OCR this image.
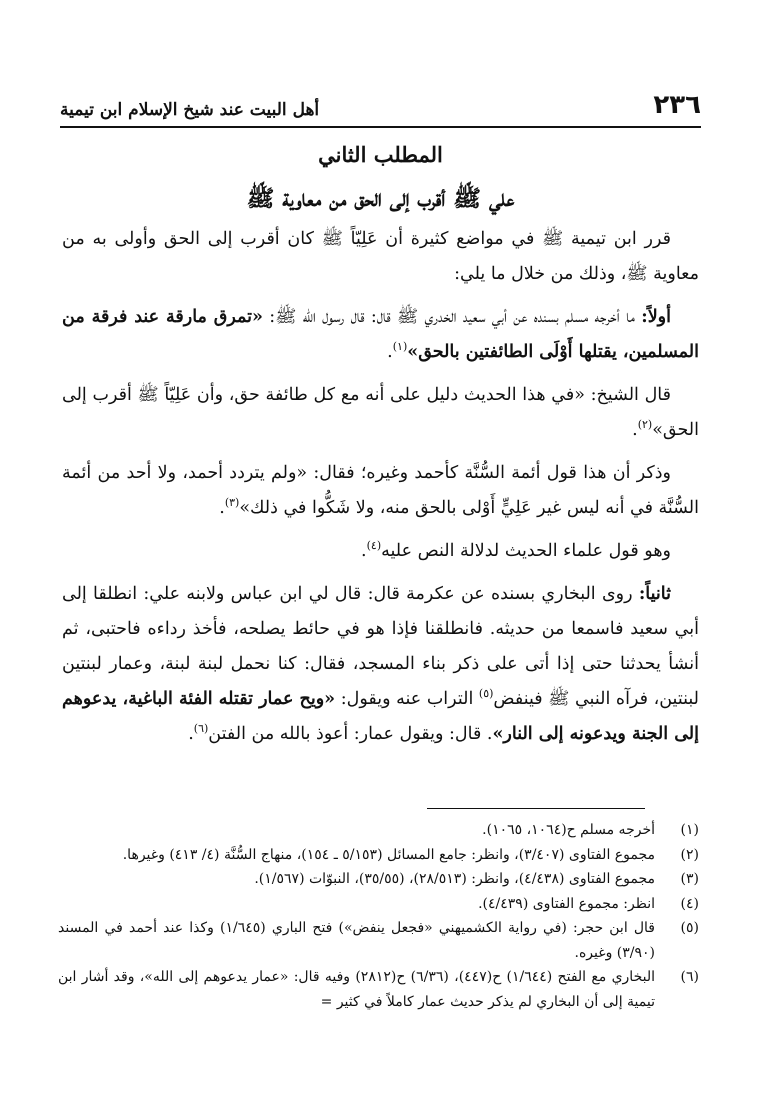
٢٣٦
أهل البيت عند شيخ الإسلام ابن تيمية
المطلب الثاني
علي ﷺ أقرب إلى الحق من معاوية ﷺ

قرر ابن تيمية ﷺ في مواضع كثيرة أن عَلِيّاً ﷺ كان أقرب إلى الحق وأولى به من معاوية ﷺ، وذلك من خلال ما يلي:

أولاً: ما أخرجه مسلم بسنده عن أبي سعيد الخدري ﷺ قال: قال رسول الله ﷺ: «تمرق مارقة عند فرقة من المسلمين، يقتلها أَوْلَى الطائفتين بالحق»$^{(١)}$.

قال الشيخ: «في هذا الحديث دليل على أنه مع كل طائفة حق، وأن عَلِيّاً ﷺ أقرب إلى الحق»$^{(٢)}$.

وذكر أن هذا قول أئمة السُّنَّة كأحمد وغيره؛ فقال: «ولم يتردد أحمد، ولا أحد من أئمة السُّنَّة في أنه ليس غير عَلِيٍّ أَوْلى بالحق منه، ولا شَكُّوا في ذلك»$^{(٣)}$.

وهو قول علماء الحديث لدلالة النص عليه$^{(٤)}$.

ثانياً: روى البخاري بسنده عن عكرمة قال: قال لي ابن عباس ولابنه علي: انطلقا إلى أبي سعيد فاسمعا من حديثه. فانطلقنا فإذا هو في حائط يصلحه، فأخذ رداءه فاحتبى، ثم أنشأ يحدثنا حتى إذا أتى على ذكر بناء المسجد، فقال: كنا نحمل لبنة لبنة، وعمار لبنتين لبنتين، فرآه النبي ﷺ فينفض$^{(٥)}$ التراب عنه ويقول: «ويح عمار تقتله الفئة الباغية، يدعوهم إلى الجنة ويدعونه إلى النار». قال: ويقول عمار: أعوذ بالله من الفتن$^{(٦)}$.

(١)
أخرجه مسلم ح(١٠٦٤، ١٠٦٥).
(٢)
مجموع الفتاوى (٣/٤٠٧)، وانظر: جامع المسائل (٥/١٥٣ ـ ١٥٤)، منهاج السُّنَّة (٤/ ٤١٣) وغيرها.
(٣)
مجموع الفتاوى (٤/٤٣٨)، وانظر: (٢٨/٥١٣)، (٣٥/٥٥)، النبوّات (١/٥٦٧).
(٤)
انظر: مجموع الفتاوى (٤/٤٣٩).
(٥)
قال ابن حجر: (في رواية الكشميهني «فجعل ينفض») فتح الباري (١/٦٤٥) وكذا عند أحمد في المسند (٣/٩٠) وغيره.
(٦)
البخاري مع الفتح (١/٦٤٤) ح(٤٤٧)، (٦/٣٦) ح(٢٨١٢) وفيه قال: «عمار يدعوهم إلى الله»، وقد أشار ابن تيمية إلى أن البخاري لم يذكر حديث عمار كاملاً في كثير =
